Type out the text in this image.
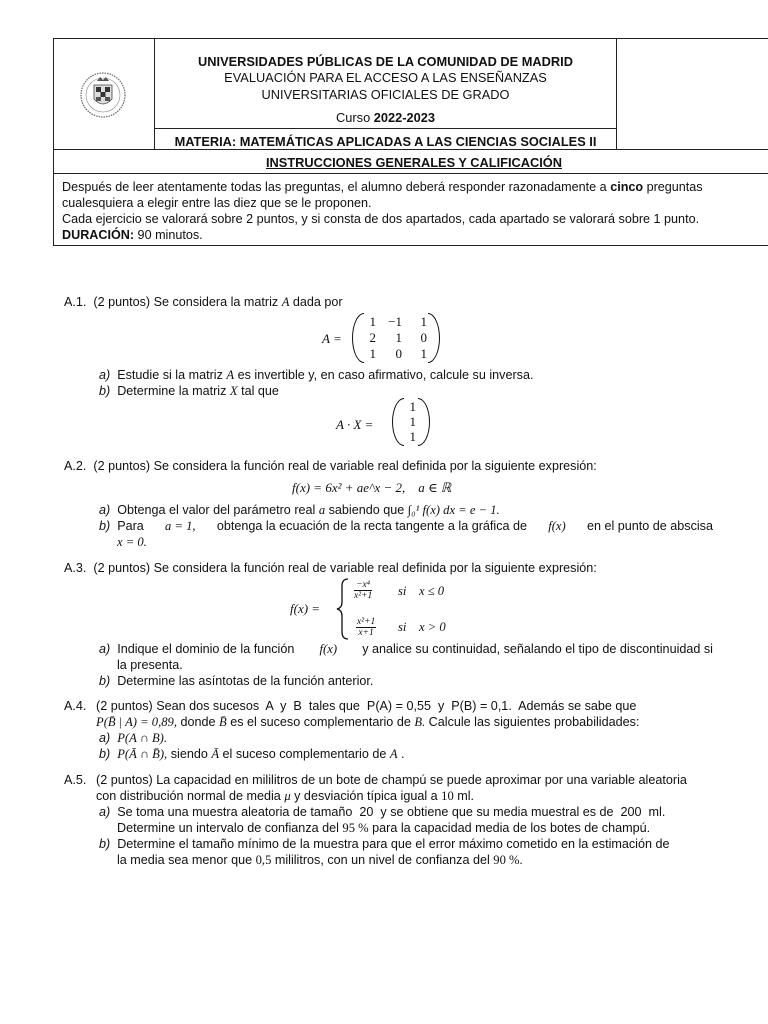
UNIVERSIDADES PÚBLICAS DE LA COMUNIDAD DE MADRID
EVALUACIÓN PARA EL ACCESO A LAS ENSEÑANZAS
UNIVERSITARIAS OFICIALES DE GRADO
Curso 2022-2023
MATERIA: MATEMÁTICAS APLICADAS A LAS CIENCIAS SOCIALES II
INSTRUCCIONES GENERALES Y CALIFICACIÓN
Después de leer atentamente todas las preguntas, el alumno deberá responder razonadamente a cinco preguntas
cualesquiera a elegir entre las diez que se le proponen.
Cada ejercicio se valorará sobre 2 puntos, y si consta de dos apartados, cada apartado se valorará sobre 1 punto.
DURACIÓN: 90 minutos.
A.1. (2 puntos) Se considera la matriz A dada por
A =
1 −1	1
2	1	0
1	0	1
a) Estudie si la matriz A es invertible y, en caso afirmativo, calcule su inversa.
b) Determine la matriz X tal que
A · X =
1
1
1
A.2. (2 puntos) Se considera la función real de variable real definida por la siguiente expresión:
f(x) = 6x² + ae^x − 2,    a ∈ ℝ
a) Obtenga el valor del parámetro real a sabiendo que ∫₀¹ f(x) dx = e − 1.
b) Para a = 1, obtenga la ecuación de la recta tangente a la gráfica de f(x) en el punto de abscisa
x = 0.
A.3. (2 puntos) Se considera la función real de variable real definida por la siguiente expresión:
f(x) =
$\frac{\text{−x⁴}}{\text{x²+1}}$ si    x ≤ 0
$\frac{\text{x²+1}}{x+1}$ si    x > 0
a) Indique el dominio de la función f(x) y analice su continuidad, señalando el tipo de discontinuidad si
la presenta.
b) Determine las asíntotas de la función anterior.
A.4. (2 puntos) Sean dos sucesos  A  y  B  tales que  P(A) = 0,55  y  P(B) = 0,1.  Además se sabe que
P(B̄ | A) = 0,89, donde B̄ es el suceso complementario de B. Calcule las siguientes probabilidades:
a) P(A ∩ B).
b) P(Ā ∩ B̄), siendo Ā el suceso complementario de A .
A.5. (2 puntos) La capacidad en mililitros de un bote de champú se puede aproximar por una variable aleatoria
con distribución normal de media μ y desviación típica igual a 10 ml.
a) Se toma una muestra aleatoria de tamaño  20  y se obtiene que su media muestral es de  200  ml.
Determine un intervalo de confianza del 95 % para la capacidad media de los botes de champú.
b) Determine el tamaño mínimo de la muestra para que el error máximo cometido en la estimación de
la media sea menor que 0,5 mililitros, con un nivel de confianza del 90 %.
